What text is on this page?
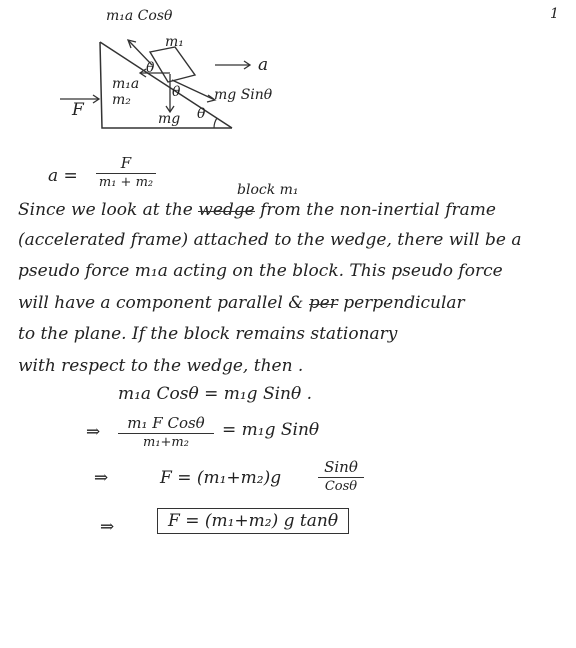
1
m₁a Cosθ
m₁
m₁a
m₂
F
a
mg Sinθ
mg θ
θ
θ
a =
F
m₁ + m₂	block m₁
Since we look at the wedge from the non-inertial frame
(accelerated frame) attached to the wedge, there will be a
pseudo force m₁a acting on the block. This pseudo force
will have a component parallel & per perpendicular
to the plane. If the block remains stationary
with respect to the wedge, then .
m₁a Cosθ = m₁g Sinθ .
⇒	m₁ F Cosθ
m₁+m₂
= m₁g Sinθ
⇒	F = (m₁+m₂)g
Sinθ
Cosθ
⇒	F = (m₁+m₂) g tanθ
